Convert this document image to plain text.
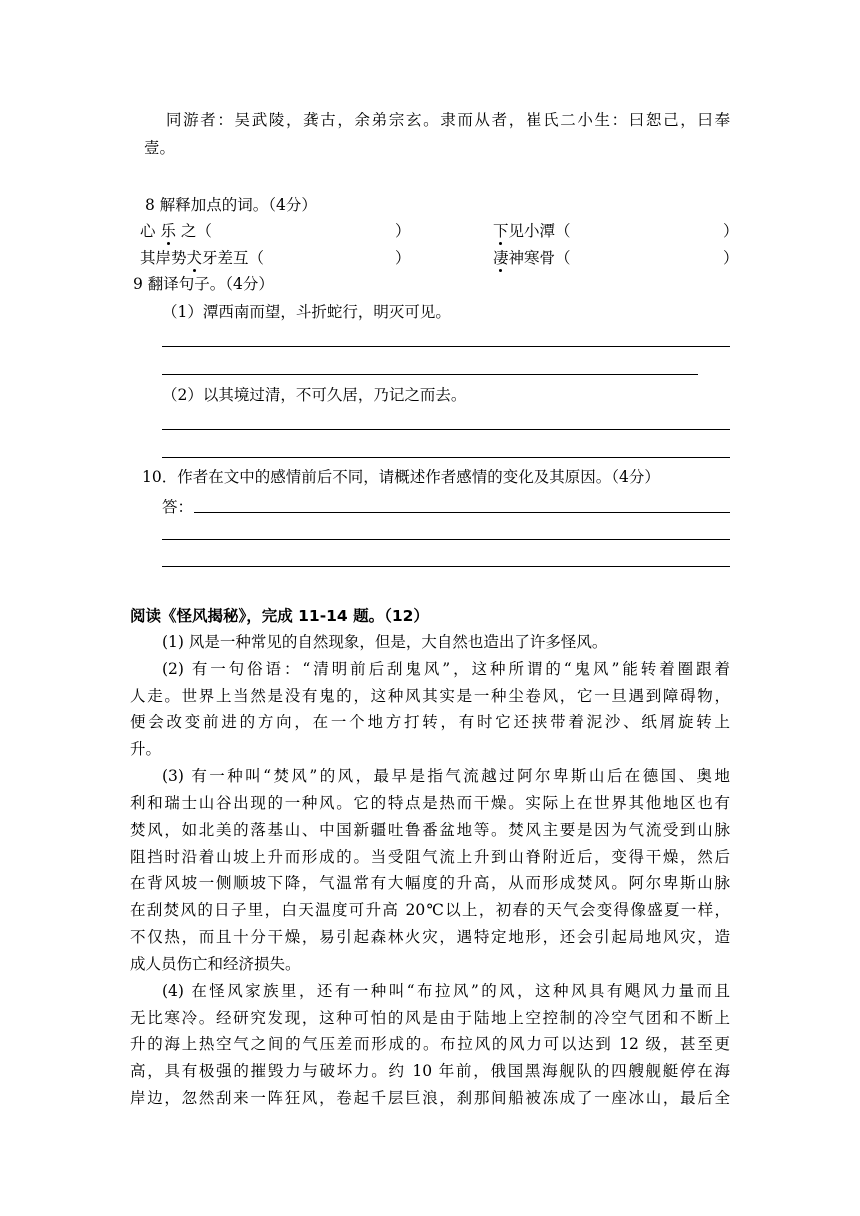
同游者：吴武陵，龚古，余弟宗玄。隶而从者，崔氏二小生：曰恕己，曰奉
壹。
8 解释加点的词。（4分）
心 乐 之（	）	下见小潭（	）
其岸势犬牙差互（	）	凄神寒骨（	）
9 翻译句子。（4分）
（1）潭西南而望，斗折蛇行，明灭可见。
（2）以其境过清，不可久居，乃记之而去。
10．作者在文中的感情前后不同，请概述作者感情的变化及其原因。（4分）
答：
阅读《怪风揭秘》，完成 11-14 题。（12）
(1) 风是一种常见的自然现象，但是，大自然也造出了许多怪风。
(2) 有一句俗语：“清明前后刮鬼风”，这种所谓的“鬼风”能转着圈跟着
人走。世界上当然是没有鬼的，这种风其实是一种尘卷风，它一旦遇到障碍物，
便会改变前进的方向，在一个地方打转，有时它还挟带着泥沙、纸屑旋转上
升。
(3) 有一种叫“焚风”的风，最早是指气流越过阿尔卑斯山后在德国、奥地
利和瑞士山谷出现的一种风。它的特点是热而干燥。实际上在世界其他地区也有
焚风，如北美的落基山、中国新疆吐鲁番盆地等。焚风主要是因为气流受到山脉
阻挡时沿着山坡上升而形成的。当受阻气流上升到山脊附近后，变得干燥，然后
在背风坡一侧顺坡下降，气温常有大幅度的升高，从而形成焚风。阿尔卑斯山脉
在刮焚风的日子里，白天温度可升高 20℃以上，初春的天气会变得像盛夏一样，
不仅热，而且十分干燥，易引起森林火灾，遇特定地形，还会引起局地风灾，造
成人员伤亡和经济损失。
(4) 在怪风家族里，还有一种叫“布拉风”的风，这种风具有飓风力量而且
无比寒冷。经研究发现，这种可怕的风是由于陆地上空控制的冷空气团和不断上
升的海上热空气之间的气压差而形成的。布拉风的风力可以达到 12 级，甚至更
高，具有极强的摧毁力与破坏力。约 10 年前，俄国黑海舰队的四艘舰艇停在海
岸边，忽然刮来一阵狂风，卷起千层巨浪，刹那间船被冻成了一座冰山，最后全
